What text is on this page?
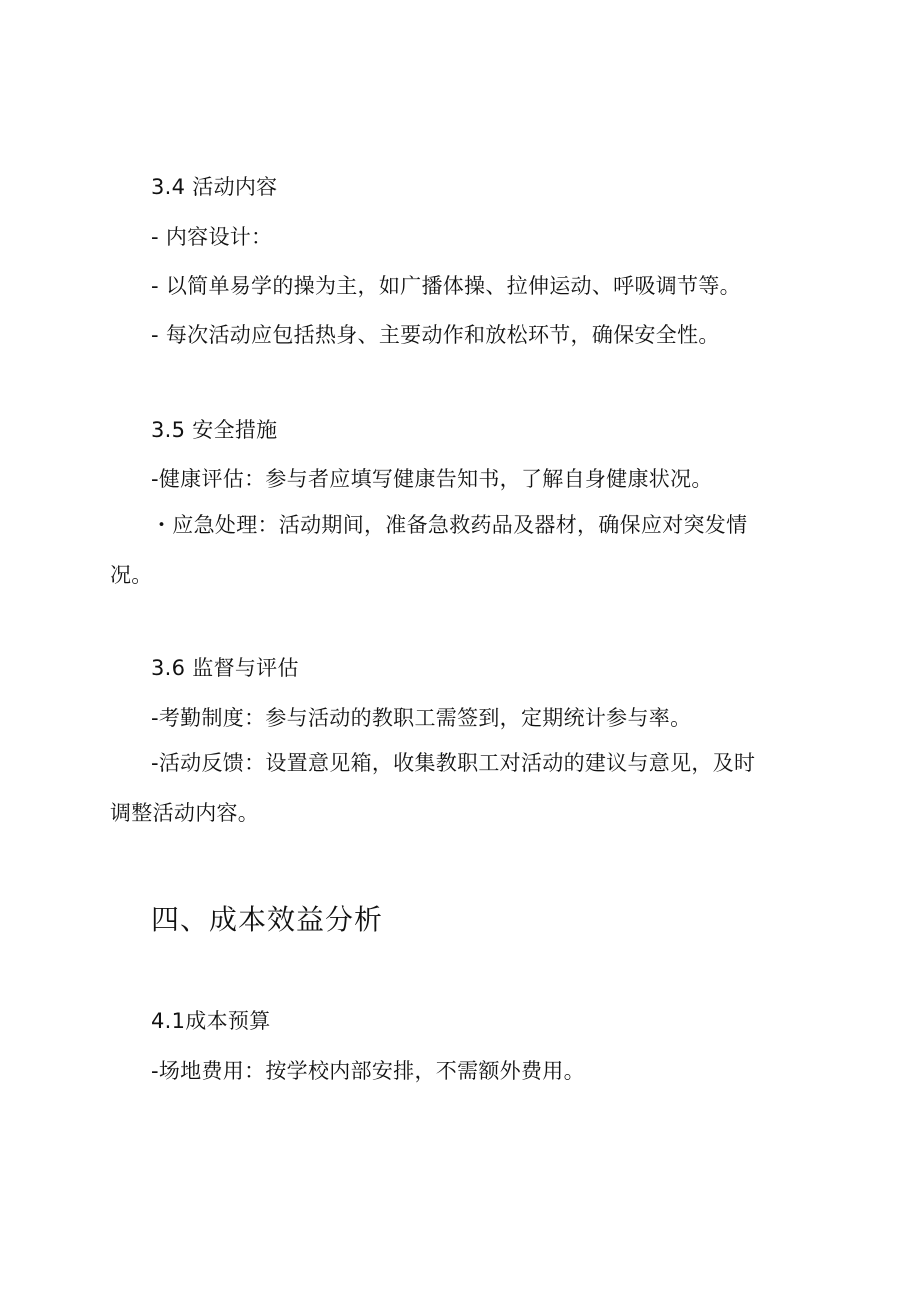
3.4 活动内容
- 内容设计：
- 以简单易学的操为主，如广播体操、拉伸运动、呼吸调节等。
- 每次活动应包括热身、主要动作和放松环节，确保安全性。
3.5 安全措施
-健康评估：参与者应填写健康告知书，了解自身健康状况。
・应急处理：活动期间，准备急救药品及器材，确保应对突发情况。
3.6 监督与评估
-考勤制度：参与活动的教职工需签到，定期统计参与率。
-活动反馈：设置意见箱，收集教职工对活动的建议与意见，及时调整活动内容。
四、成本效益分析
4.1成本预算
-场地费用：按学校内部安排，不需额外费用。
